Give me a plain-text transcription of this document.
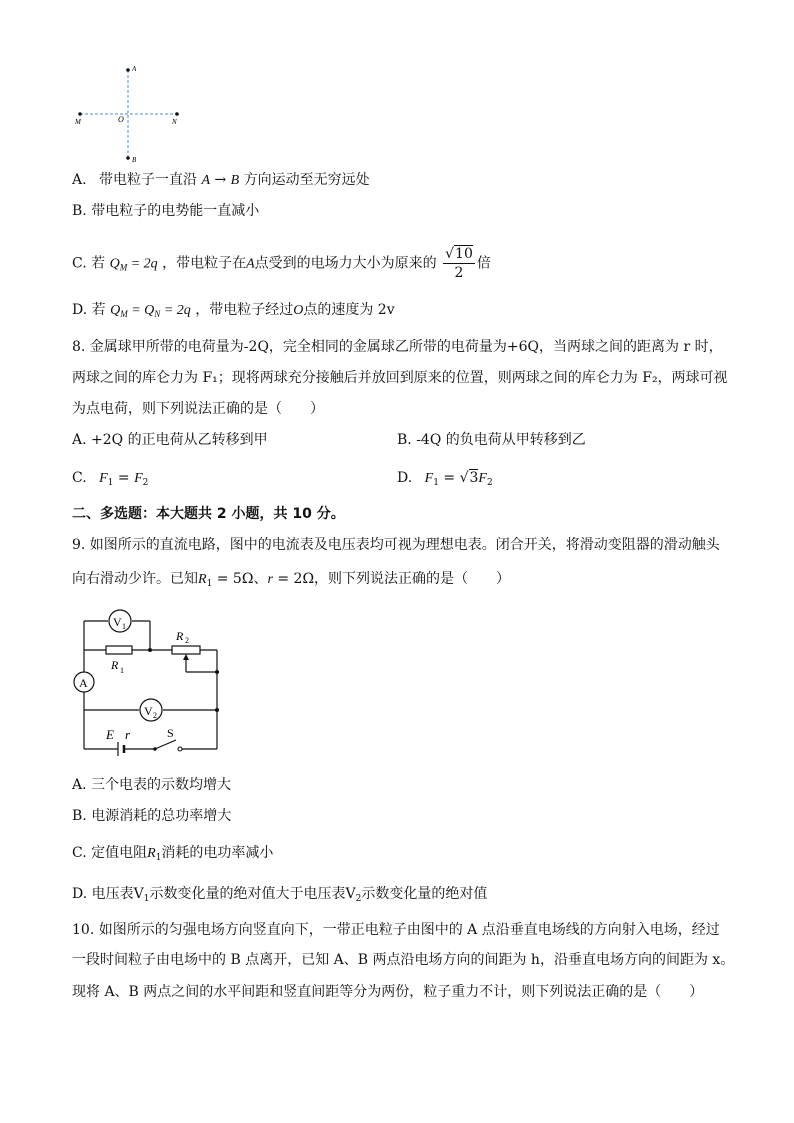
A
B
M	O	N
A. 带电粒子一直沿 A → B 方向运动至无穷远处
B. 带电粒子的电势能一直减小
C. 若 $Q_M = 2q$ ，带电粒子在A点受到的电场力大小为原来的 $\frac{√10}{2}$ 倍
D. 若 $Q_M = Q_N = 2q$ ，带电粒子经过O点的速度为 2v
8. 金属球甲所带的电荷量为-2Q，完全相同的金属球乙所带的电荷量为+6Q，当两球之间的距离为 r 时，
两球之间的库仑力为 F₁；现将两球充分接触后并放回到原来的位置，则两球之间的库仑力为 F₂，两球可视
为点电荷，则下列说法正确的是（　　）
A. +2Q 的正电荷从乙转移到甲	B. -4Q 的负电荷从甲转移到乙
C. $F_1 = F_2$	D. $F_1 = √3F_2$
二、多选题：本大题共 2 小题，共 10 分。
9. 如图所示的直流电路，图中的电流表及电压表均可视为理想电表。闭合开关，将滑动变阻器的滑动触头
向右滑动少许。已知$R_1 = 5\Omega$、r = 2Ω，则下列说法正确的是（　　）
V 1
R 1
R 2
A
V 2
E r	S
A. 三个电表的示数均增大
B. 电源消耗的总功率增大
C. 定值电阻$R_1$消耗的电功率减小
D. 电压表$V_1$示数变化量的绝对值大于电压表$V_2$示数变化量的绝对值
10. 如图所示的匀强电场方向竖直向下，一带正电粒子由图中的 A 点沿垂直电场线的方向射入电场，经过
一段时间粒子由电场中的 B 点离开，已知 A、B 两点沿电场方向的间距为 h，沿垂直电场方向的间距为 x。
现将 A、B 两点之间的水平间距和竖直间距等分为两份，粒子重力不计，则下列说法正确的是（　　）
